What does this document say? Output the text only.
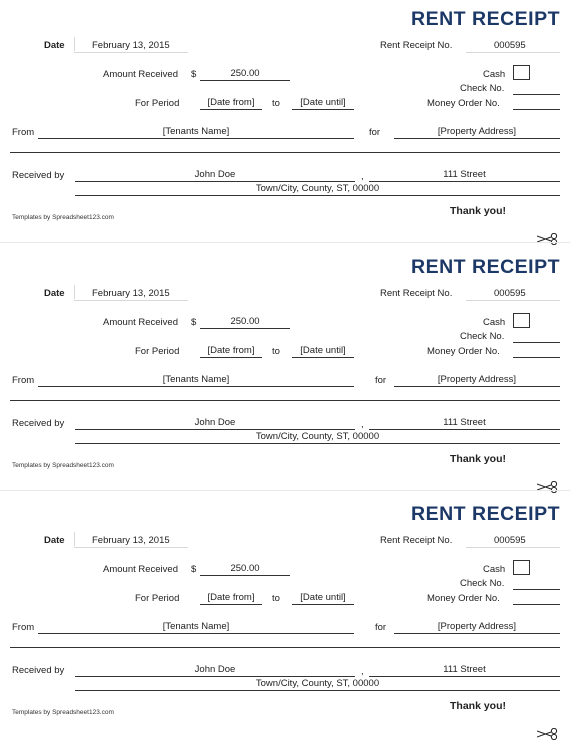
RENT RECEIPT
Date	February 13, 2015	Rent Receipt No.	000595
Amount Received $	250.00	Cash
Check No.
For Period	[Date from]	to	[Date until]	Money Order No.
From	[Tenants Name]	for	[Property Address]
Received by	John Doe	,	111 Street
Town/City, County, ST, 00000
Templates by Spreadsheet123.com
Thank you!
RENT RECEIPT
Date	February 13, 2015	Rent Receipt No.	000595
Amount Received $	250.00	Cash
Check No.
For Period	[Date from]	to	[Date until]	Money Order No.
From	[Tenants Name]	for	[Property Address]
Received by	John Doe	,	111 Street
Town/City, County, ST, 00000
Templates by Spreadsheet123.com
Thank you!
RENT RECEIPT
Date	February 13, 2015	Rent Receipt No.	000595
Amount Received $	250.00	Cash
Check No.
For Period	[Date from]	to	[Date until]	Money Order No.
From	[Tenants Name]	for	[Property Address]
Received by	John Doe	,	111 Street
Town/City, County, ST, 00000
Templates by Spreadsheet123.com
Thank you!
